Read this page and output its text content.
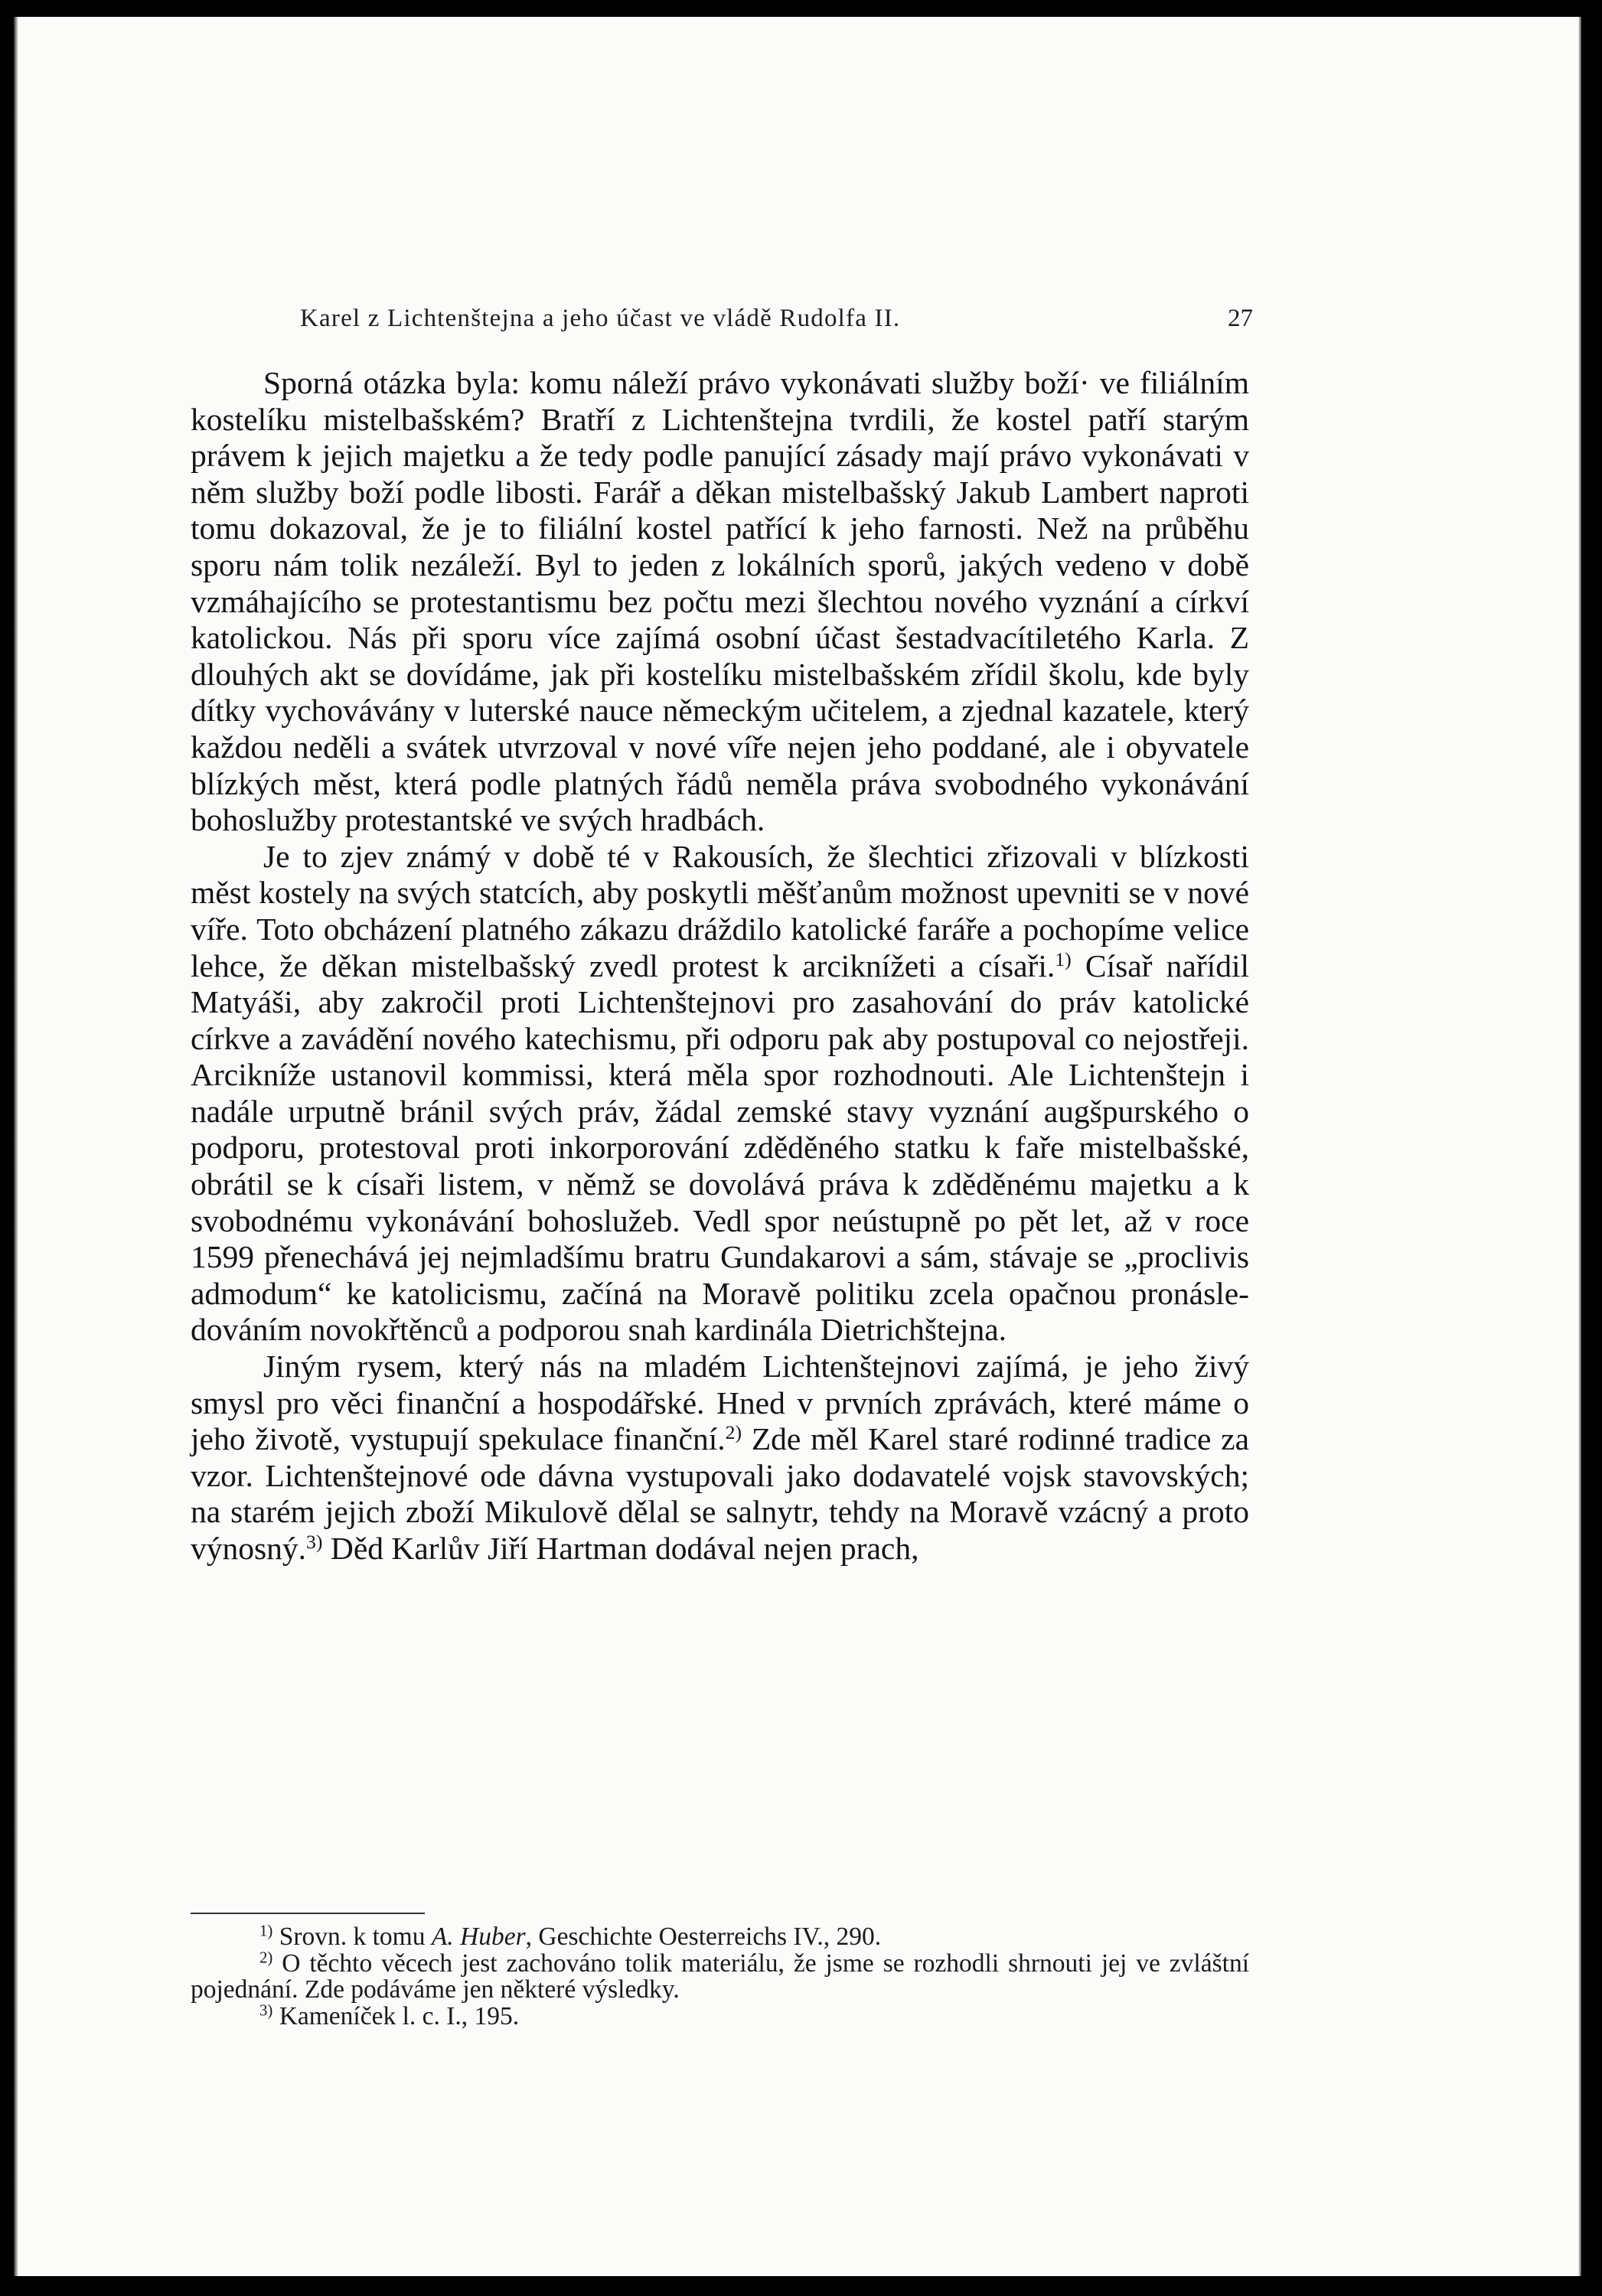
Karel z Lichtenštejna a jeho účast ve vládě Rudolfa II.	27

Sporná otázka byla: komu náleží právo vykonávati služby boží· ve filiálním kostelíku mistelbašském? Bratří z Lichtenštejna tvrdili, že kostel patří starým právem k jejich majetku a že tedy podle panující zásady mají právo vykonávati v něm služby boží podle libosti. Farář a děkan mistelbašský Jakub Lambert naproti tomu dokazoval, že je to filiální kostel patřící k jeho farnosti. Než na průběhu sporu nám tolik nezáleží. Byl to jeden z lokálních sporů, jakých vedeno v době vzmáhajícího se protestantismu bez počtu mezi šlechtou nového vyznání a církví katolickou. Nás při sporu více zajímá osobní účast šestadvacítiletého Karla. Z dlouhých akt se dovídáme, jak při kostelíku mistelbašském zřídil školu, kde byly dítky vychovávány v luterské nauce německým učitelem, a zjednal kazatele, který každou neděli a svátek utvrzoval v nové víře nejen jeho poddané, ale i obyvatele blízkých měst, která podle platných řádů neměla práva svobodného vykonávání bohoslužby protestantské ve svých hradbách.

Je to zjev známý v době té v Rakousích, že šlechtici zřizovali v blízkosti měst kostely na svých statcích, aby poskytli měšťanům možnost upevniti se v nové víře. Toto obcházení platného zákazu dráždilo katolické faráře a pochopíme velice lehce, že děkan mistelbašský zvedl protest k arciknížeti a císaři.$^{1)}$ Císař nařídil Matyáši, aby zakročil proti Lichtenštejnovi pro zasahování do práv katolické církve a zavádění nového katechismu, při odporu pak aby postupoval co nejostřeji. Arcikníže ustanovil kommissi, která měla spor rozhodnouti. Ale Lichtenštejn i nadále urputně bránil svých práv, žádal zemské stavy vyznání augšpurského o podporu, protestoval proti inkorporování zděděného statku k faře mistelbašské, obrátil se k císaři listem, v němž se dovolává práva k zděděnému majetku a k svobodnému vykonávání bohoslužeb. Vedl spor neústupně po pět let, až v roce 1599 přenechává jej nejmladšímu bratru Gundakarovi a sám, stávaje se „proclivis admodum“ ke katolicismu, začíná na Moravě politiku zcela opačnou pronásledováním novokřtěnců a podporou snah kardinála Dietrichštejna.

Jiným rysem, který nás na mladém Lichtenštejnovi zajímá, je jeho živý smysl pro věci finanční a hospodářské. Hned v prvních zprávách, které máme o jeho životě, vystupují spekulace finanční.$^{2)}$ Zde měl Karel staré rodinné tradice za vzor. Lichtenštejnové ode dávna vystupovali jako dodavatelé vojsk stavovských; na starém jejich zboží Mikulově dělal se salnytr, tehdy na Moravě vzácný a proto výnosný.$^{3)}$ Děd Karlův Jiří Hartman dodával nejen prach,

$^{1)}$ Srovn. k tomu A. Huber, Geschichte Oesterreichs IV., 290.

$^{2)}$ O těchto věcech jest zachováno tolik materiálu, že jsme se rozhodli shrnouti jej ve zvláštní pojednání. Zde podáváme jen některé výsledky.

$^{3)}$ Kameníček l. c. I., 195.
